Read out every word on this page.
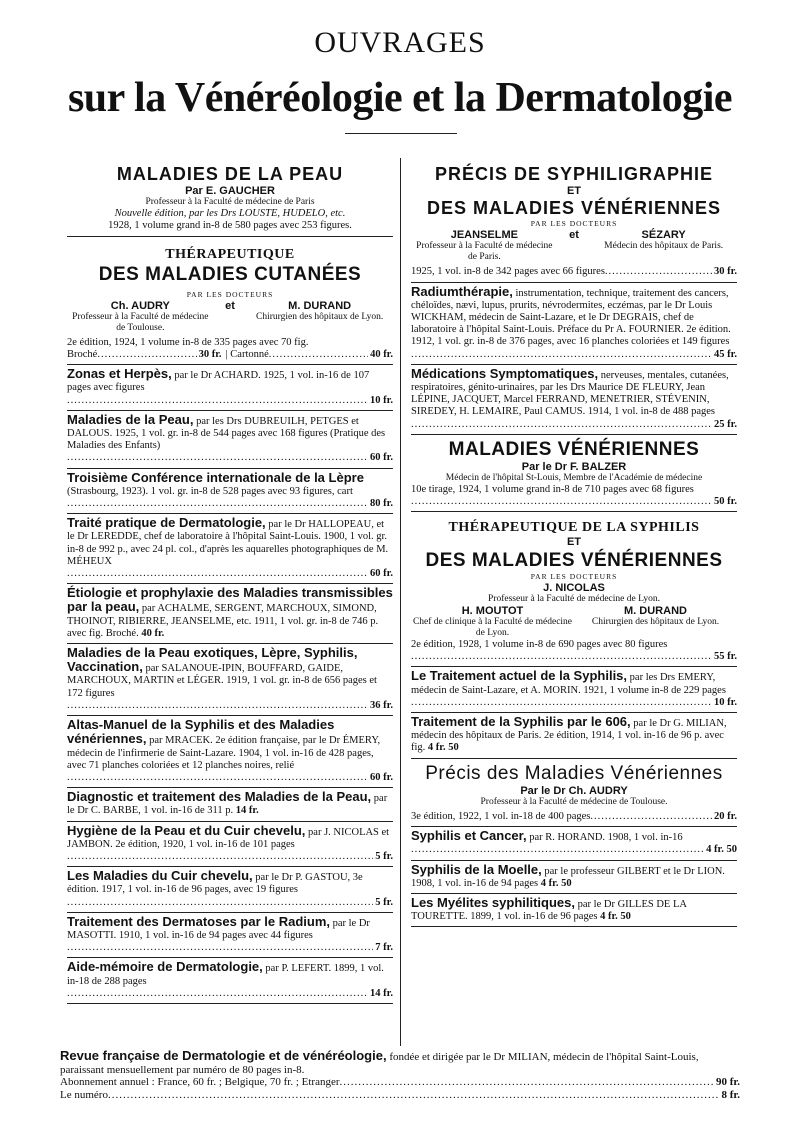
OUVRAGES
sur la Vénéréologie et la Dermatologie

MALADIES DE LA PEAU

Par E. GAUCHER

Professeur à la Faculté de médecine de Paris

Nouvelle édition, par les Drs LOUSTE, HUDELO, etc.

1928, 1 volume grand in-8 de 580 pages avec 253 figures.

THÉRAPEUTIQUE

DES MALADIES CUTANÉES

PAR LES DOCTEURS

Ch. AUDRY
Professeur à la Faculté de médecine de Toulouse.
et	M. DURAND
Chirurgien des hôpitaux de Lyon.

2e édition, 1924, 1 volume in-8 de 335 pages avec 70 fig.

Broché .....	30 fr. | Cartonné .....	40 fr.
Zonas et Herpès, par le Dr ACHARD. 1925, 1 vol. in-16 de 107 pages avec figures
.....
10 fr.
Maladies de la Peau, par les Drs DUBREUILH, PETGES et DALOUS. 1925, 1 vol. gr. in-8 de 544 pages avec 168 figures (Pratique des Maladies des Enfants)
.....
60 fr.
Troisième Conférence internationale de la Lèpre (Strasbourg, 1923). 1 vol. gr. in-8 de 528 pages avec 93 figures, cart
.....
80 fr.
Traité pratique de Dermatologie, par le Dr HALLOPEAU, et le Dr LEREDDE, chef de laboratoire à l'hôpital Saint-Louis. 1900, 1 vol. gr. in-8 de 992 p., avec 24 pl. col., d'après les aquarelles photographiques de M. MÉHEUX
.....
60 fr.
Étiologie et prophylaxie des Maladies transmissibles par la peau, par ACHALME, SERGENT, MARCHOUX, SIMOND, THOINOT, RIBIERRE, JEANSELME, etc. 1911, 1 vol. gr. in-8 de 746 p. avec fig. Broché. 40 fr.
Maladies de la Peau exotiques, Lèpre, Syphilis, Vaccination, par SALANOUE-IPIN, BOUFFARD, GAIDE, MARCHOUX, MARTIN et LÉGER. 1919, 1 vol. gr. in-8 de 656 pages et 172 figures
.....
36 fr.
Altas-Manuel de la Syphilis et des Maladies vénériennes, par MRACEK. 2e édition française, par le Dr ÉMERY, médecin de l'infirmerie de Saint-Lazare. 1904, 1 vol. in-16 de 428 pages, avec 71 planches coloriées et 12 planches noires, relié
.....
60 fr.
Diagnostic et traitement des Maladies de la Peau, par le Dr C. BARBE, 1 vol. in-16 de 311 p. 14 fr.
Hygiène de la Peau et du Cuir chevelu, par J. NICOLAS et JAMBON. 2e édition, 1920, 1 vol. in-16 de 101 pages
.....
5 fr.
Les Maladies du Cuir chevelu, par le Dr P. GASTOU, 3e édition. 1917, 1 vol. in-16 de 96 pages, avec 19 figures
.....
5 fr.
Traitement des Dermatoses par le Radium, par le Dr MASOTTI. 1910, 1 vol. in-16 de 94 pages avec 44 figures
.....
7 fr.
Aide-mémoire de Dermatologie, par P. LEFERT. 1899, 1 vol. in-18 de 288 pages
.....
14 fr.

PRÉCIS DE SYPHILIGRAPHIE

ET

DES MALADIES VÉNÉRIENNES

PAR LES DOCTEURS

JEANSELME
Professeur à la Faculté de médecine de Paris.
et	SÉZARY
Médecin des hôpitaux de Paris.
1925, 1 vol. in-8 de 342 pages avec 66 figures .....	30 fr.
Radiumthérapie, instrumentation, technique, traitement des cancers, chéloïdes, nævi, lupus, prurits, névrodermites, eczémas, par le Dr Louis WICKHAM, médecin de Saint-Lazare, et le Dr DEGRAIS, chef de laboratoire à l'hôpital Saint-Louis. Préface du Pr A. FOURNIER. 2e édition. 1912, 1 vol. gr. in-8 de 376 pages, avec 16 planches coloriées et 149 figures
.....
45 fr.
Médications Symptomatiques, nerveuses, mentales, cutanées, respiratoires, génito-urinaires, par les Drs Maurice DE FLEURY, Jean LÉPINE, JACQUET, Marcel FERRAND, MENETRIER, STÉVENIN, SIREDEY, H. LEMAIRE, Paul CAMUS. 1914, 1 vol. in-8 de 488 pages
.....
25 fr.

MALADIES VÉNÉRIENNES

Par le Dr F. BALZER

Médecin de l'hôpital St-Louis, Membre de l'Académie de médecine

10e tirage, 1924, 1 volume grand in-8 de 710 pages avec 68 figures
.....
50 fr.

THÉRAPEUTIQUE DE LA SYPHILIS

ET

DES MALADIES VÉNÉRIENNES

PAR LES DOCTEURS

J. NICOLAS

Professeur à la Faculté de médecine de Lyon.

H. MOUTOT
Chef de clinique à la Faculté de médecine de Lyon.
M. DURAND
Chirurgien des hôpitaux de Lyon.
2e édition, 1928, 1 volume in-8 de 690 pages avec 80 figures
.....
55 fr.
Le Traitement actuel de la Syphilis, par les Drs EMERY, médecin de Saint-Lazare, et A. MORIN. 1921, 1 volume in-8 de 229 pages
.....
10 fr.
Traitement de la Syphilis par le 606, par le Dr G. MILIAN, médecin des hôpitaux de Paris. 2e édition, 1914, 1 vol. in-16 de 96 p. avec fig. 4 fr. 50

Précis des Maladies Vénériennes

Par le Dr Ch. AUDRY

Professeur à la Faculté de médecine de Toulouse.

3e édition, 1922, 1 vol. in-18 de 400 pages .....	20 fr.
Syphilis et Cancer, par R. HORAND. 1908, 1 vol. in-16
.....
4 fr. 50
Syphilis de la Moelle, par le professeur GILBERT et le Dr LION. 1908, 1 vol. in-16 de 94 pages 4 fr. 50
Les Myélites syphilitiques, par le Dr GILLES DE LA TOURETTE. 1899, 1 vol. in-16 de 96 pages 4 fr. 50

Revue française de Dermatologie et de vénéréologie, fondée et dirigée par le Dr MILIAN, médecin de l'hôpital Saint-Louis, paraissant mensuellement par numéro de 80 pages in-8.

Abonnement annuel : France, 60 fr. ; Belgique, 70 fr. ; Etranger .....	90 fr.
Le numéro .....	8 fr.
